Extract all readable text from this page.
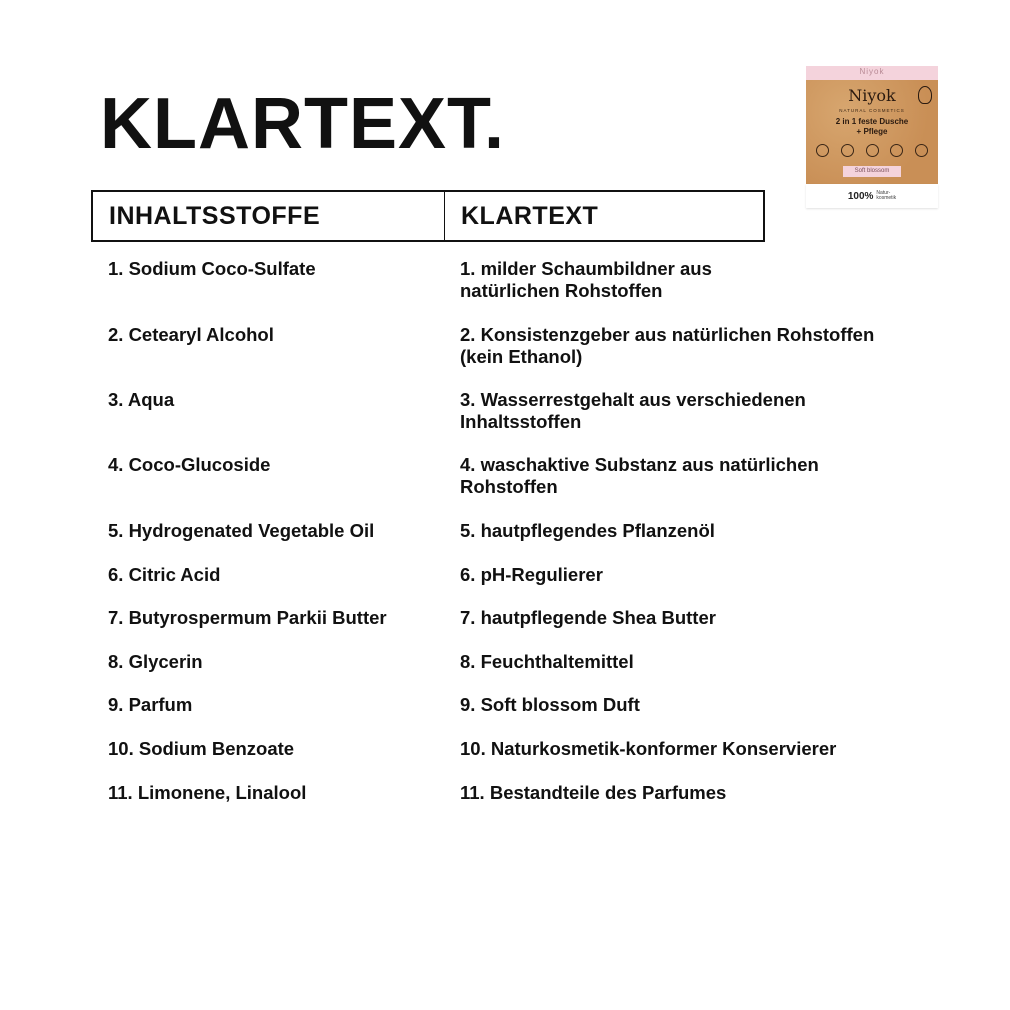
KLARTEXT.
INHALTSSTOFFE	KLARTEXT
1. Sodium Coco-Sulfate	1. milder Schaumbildner aus
natürlichen Rohstoffen
2. Cetearyl Alcohol	2. Konsistenzgeber aus natürlichen Rohstoffen
(kein Ethanol)
3. Aqua	3. Wasserrestgehalt aus verschiedenen
Inhaltsstoffen
4. Coco-Glucoside	4. waschaktive Substanz aus natürlichen
Rohstoffen
5. Hydrogenated Vegetable Oil	5. hautpflegendes Pflanzenöl
6. Citric Acid	6. pH-Regulierer
7. Butyrospermum Parkii Butter	7. hautpflegende Shea Butter
8. Glycerin	8. Feuchthaltemittel
9. Parfum	9. Soft blossom Duft
10. Sodium Benzoate	10. Naturkosmetik-konformer Konservierer
11. Limonene, Linalool	11. Bestandteile des Parfumes
Niyok
Niyok
NATURAL COSMETICS
2 in 1 feste Dusche
+ Pflege
Soft blossom
100% Natur-
kosmetik
